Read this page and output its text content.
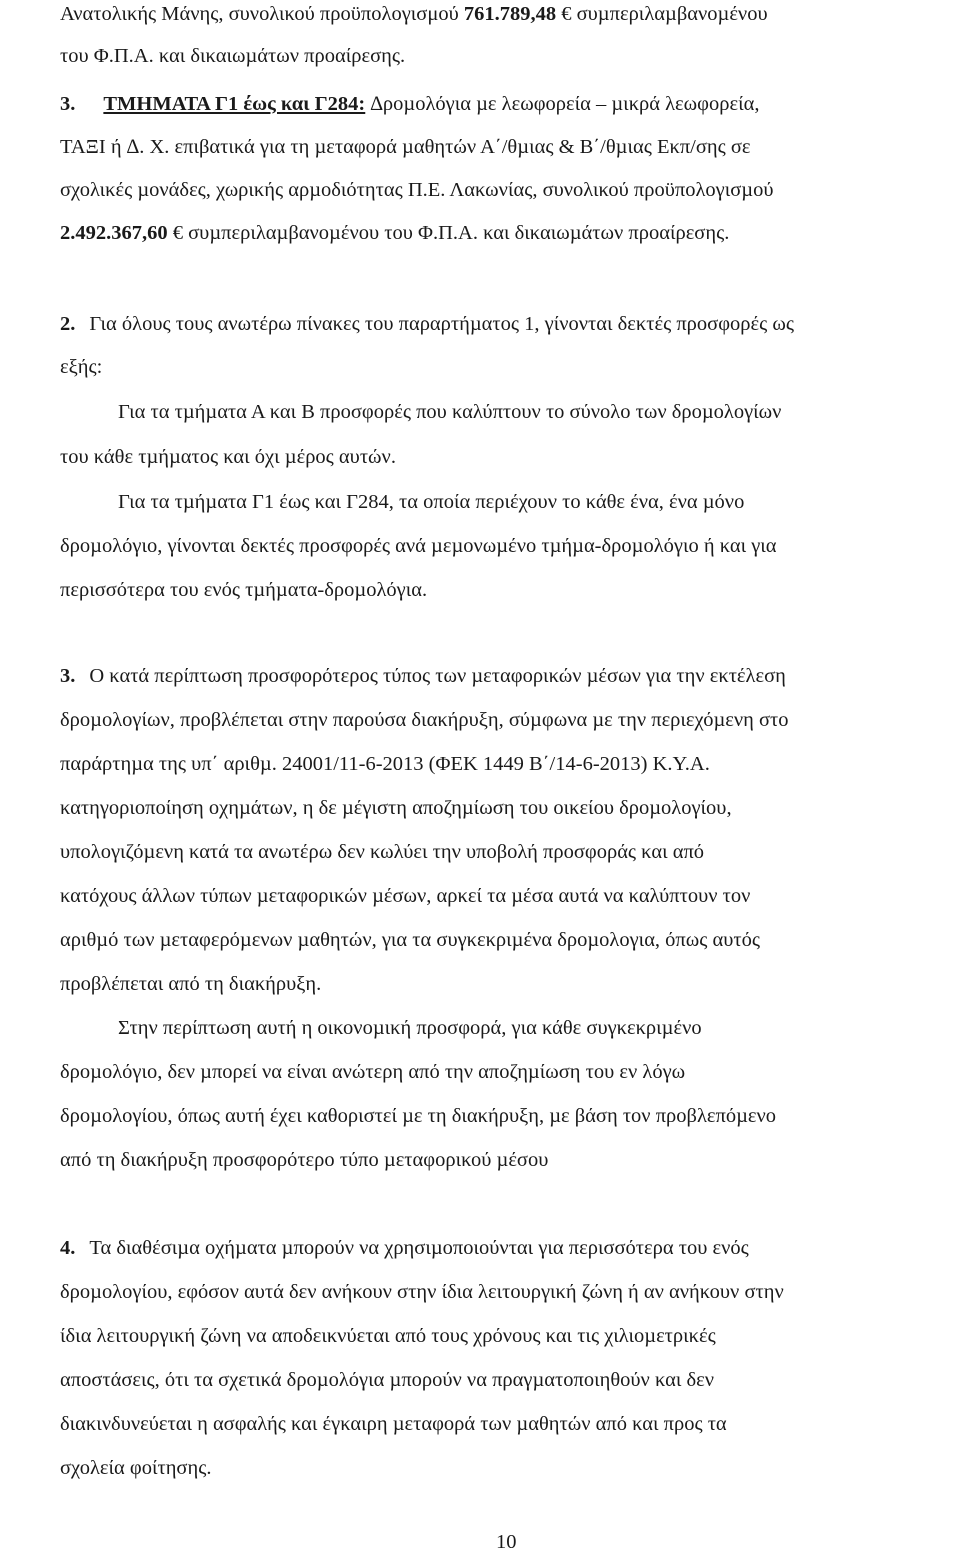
Ανατολικής Μάνης, συνολικού προϋπολογισμού 761.789,48 € συµπεριλαµβανοµένου
του Φ.Π.Α. και δικαιωµάτων προαίρεσης.
3. ΤΜΗΜΑΤΑ Γ1 έως και Γ284: ∆ροµολόγια µε λεωφορεία – µικρά λεωφορεία,
ΤΑΞΙ ή ∆. Χ. επιβατικά για τη µεταφορά µαθητών Α΄/θµιας & Β΄/θµιας Εκπ/σης σε
σχολικές µονάδες, χωρικής αρµοδιότητας Π.Ε. Λακωνίας, συνολικού προϋπολογισµού
2.492.367,60 € συµπεριλαµβανοµένου του Φ.Π.Α. και δικαιωµάτων προαίρεσης.
2. Για όλους τους ανωτέρω πίνακες του παραρτήµατος 1, γίνονται δεκτές προσφορές ως
εξής:
Για τα τµήµατα Α και Β προσφορές που καλύπτουν το σύνολο των δροµολογίων
του κάθε τµήµατος και όχι µέρος αυτών.
Για τα τµήµατα Γ1 έως και Γ284, τα οποία περιέχουν το κάθε ένα, ένα µόνο
δροµολόγιο, γίνονται δεκτές προσφορές ανά µεµονωµένο τµήµα-δροµολόγιο ή και για
περισσότερα του ενός τµήµατα-δροµολόγια.
3. Ο κατά περίπτωση προσφορότερος τύπος των µεταφορικών µέσων για την εκτέλεση
δροµολογίων, προβλέπεται στην παρούσα διακήρυξη, σύµφωνα µε την περιεχόµενη στο
παράρτηµα της υπ΄ αριθµ. 24001/11-6-2013 (ΦΕΚ 1449 Β΄/14-6-2013) Κ.Υ.Α.
κατηγοριοποίηση οχηµάτων, η δε µέγιστη αποζηµίωση του οικείου δροµολογίου,
υπολογιζόµενη κατά τα ανωτέρω δεν κωλύει την υποβολή προσφοράς και από
κατόχους άλλων τύπων µεταφορικών µέσων, αρκεί τα µέσα αυτά να καλύπτουν τον
αριθµό των µεταφερόµενων µαθητών, για τα συγκεκριµένα δροµολογια, όπως αυτός
προβλέπεται από τη διακήρυξη.
Στην περίπτωση αυτή η οικονοµική προσφορά, για κάθε συγκεκριµένο
δροµολόγιο, δεν µπορεί να είναι ανώτερη από την αποζηµίωση του εν λόγω
δροµολογίου, όπως αυτή έχει καθοριστεί µε τη διακήρυξη, µε βάση τον προβλεπόµενο
από τη διακήρυξη προσφορότερο τύπο µεταφορικού µέσου
4. Τα διαθέσιµα οχήµατα µπορούν να χρησιµοποιούνται για περισσότερα του ενός
δροµολογίου, εφόσον αυτά δεν ανήκουν στην ίδια λειτουργική ζώνη ή αν ανήκουν στην
ίδια λειτουργική ζώνη να αποδεικνύεται από τους χρόνους και τις χιλιοµετρικές
αποστάσεις, ότι τα σχετικά δροµολόγια µπορούν να πραγµατοποιηθούν και δεν
διακινδυνεύεται η ασφαλής και έγκαιρη µεταφορά των µαθητών από και προς τα
σχολεία φοίτησης.
10
